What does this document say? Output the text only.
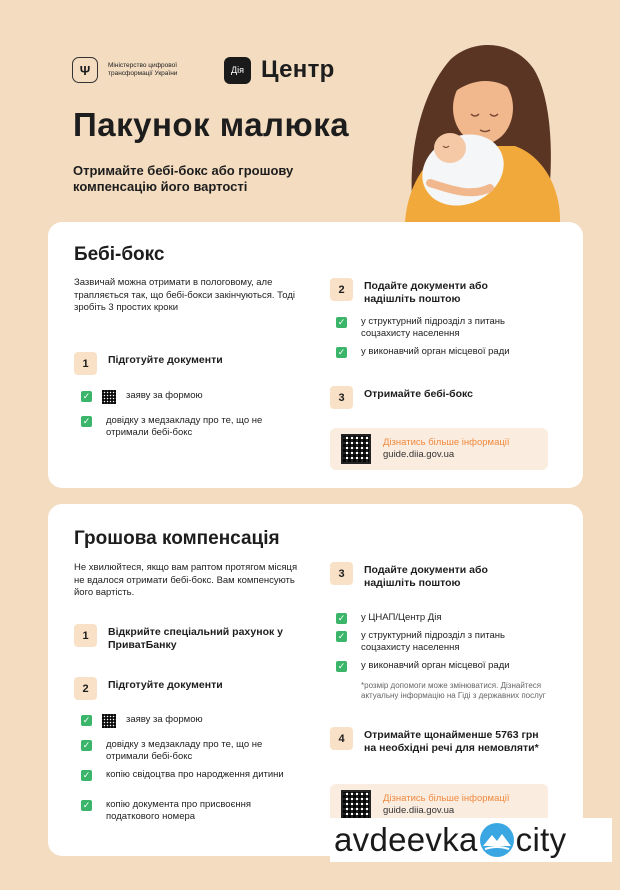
Ψ	Міністерство цифрової трансформації України	Дія Центр
Пакунок малюка

Отримайте бебі-бокс або грошову компенсацію його вартості

Бебі-бокс

Зазвичай можна отримати в пологовому, але трапляється так, що бебі-бокси закінчуються. Тоді зробіть 3 простих кроки

1	Підготуйте документи
✓	заяву за формою
✓ довідку з медзакладу про те, що не отримали бебі-бокс
2	Подайте документи або надішліть поштою
✓ у структурний підрозділ з питань соцзахисту населення
✓ у виконавчий орган місцевої ради
3	Отримайте бебі-бокс
Дізнатись більше інформації
guide.diia.gov.ua
Грошова компенсація

Не хвилюйтеся, якщо вам раптом протягом місяця не вдалося отримати бебі-бокс. Вам компенсують його вартість.

1	Відкрийте спеціальний рахунок у ПриватБанку
2	Підготуйте документи
✓	заяву за формою
✓ довідку з медзакладу про те, що не отримали бебі-бокс
✓ копію свідоцтва про народження дитини
✓ копію документа про присвоєння податкового номера
3	Подайте документи або надішліть поштою
✓ у ЦНАП/Центр Дія
✓ у структурний підрозділ з питань соцзахисту населення
✓ у виконавчий орган місцевої ради

*розмір допомоги може змінюватися. Дізнайтеся актуальну інформацію на Гіді з державних послуг

4	Отримайте щонайменше 5763 грн на необхідні речі для немовляти*
Дізнатись більше інформації
guide.diia.gov.ua
avdeevka city
